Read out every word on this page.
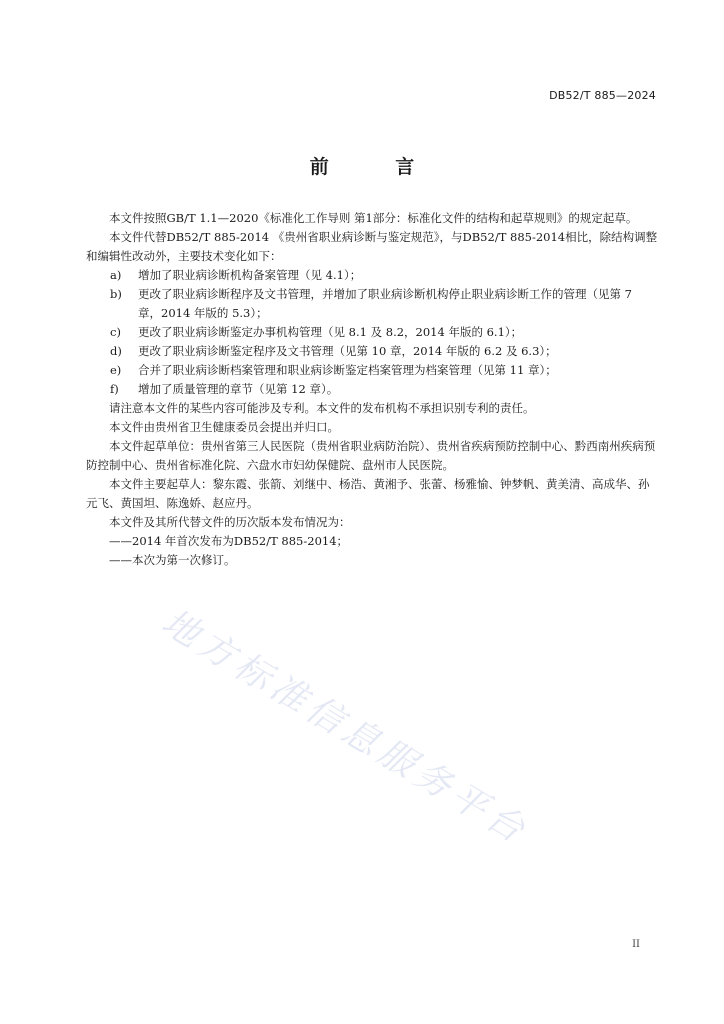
DB52/T 885—2024
前 言

本文件按照GB/T 1.1—2020《标准化工作导则 第1部分：标准化文件的结构和起草规则》的规定起草。

本文件代替DB52/T 885-2014 《贵州省职业病诊断与鉴定规范》，与DB52/T 885-2014相比，除结构调整和编辑性改动外，主要技术变化如下：

a)	增加了职业病诊断机构备案管理（见 4.1）；
b)	更改了职业病诊断程序及文书管理，并增加了职业病诊断机构停止职业病诊断工作的管理（见第 7 章，2014 年版的 5.3）；
c)	更改了职业病诊断鉴定办事机构管理（见 8.1 及 8.2，2014 年版的 6.1）；
d)	更改了职业病诊断鉴定程序及文书管理（见第 10 章，2014 年版的 6.2 及 6.3）；
e)	合并了职业病诊断档案管理和职业病诊断鉴定档案管理为档案管理（见第 11 章）；
f)	增加了质量管理的章节（见第 12 章）。

请注意本文件的某些内容可能涉及专利。本文件的发布机构不承担识别专利的责任。

本文件由贵州省卫生健康委员会提出并归口。

本文件起草单位：贵州省第三人民医院（贵州省职业病防治院）、贵州省疾病预防控制中心、黔西南州疾病预防控制中心、贵州省标准化院、六盘水市妇幼保健院、盘州市人民医院。

本文件主要起草人：黎东霞、张箭、刘继中、杨浩、黄湘予、张蕾、杨雅愉、钟梦帆、黄美清、高成华、孙元飞、黄国坦、陈逸娇、赵应丹。

本文件及其所代替文件的历次版本发布情况为：

——2014 年首次发布为DB52/T 885-2014；

——本次为第一次修订。

地方标准信息服务平台
II
